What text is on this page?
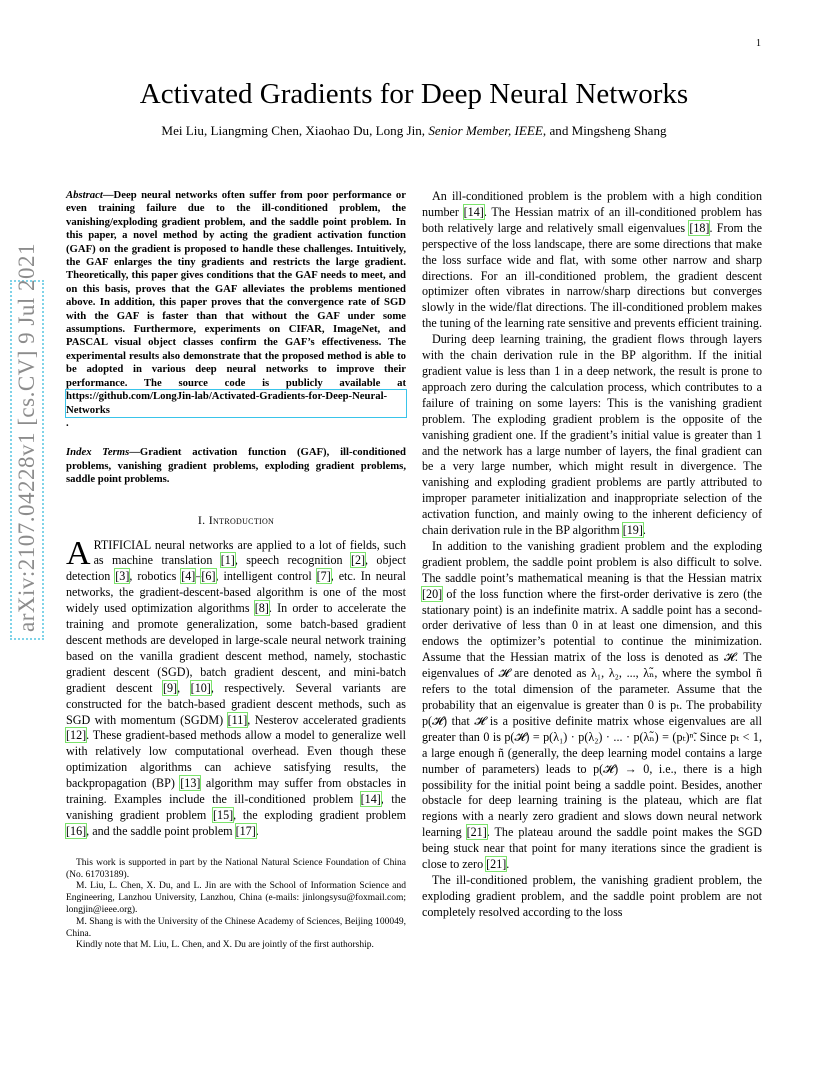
1
arXiv:2107.04228v1 [cs.CV] 9 Jul 2021
Activated Gradients for Deep Neural Networks

Mei Liu, Liangming Chen, Xiaohao Du, Long Jin, Senior Member, IEEE, and Mingsheng Shang

Abstract—Deep neural networks often suffer from poor performance or even training failure due to the ill-conditioned problem, the vanishing/exploding gradient problem, and the saddle point problem. In this paper, a novel method by acting the gradient activation function (GAF) on the gradient is proposed to handle these challenges. Intuitively, the GAF enlarges the tiny gradients and restricts the large gradient. Theoretically, this paper gives conditions that the GAF needs to meet, and on this basis, proves that the GAF alleviates the problems mentioned above. In addition, this paper proves that the convergence rate of SGD with the GAF is faster than that without the GAF under some assumptions. Furthermore, experiments on CIFAR, ImageNet, and PASCAL visual object classes confirm the GAF’s effectiveness. The experimental results also demonstrate that the proposed method is able to be adopted in various deep neural networks to improve their performance. The source code is publicly available at https://github.com/LongJin-lab/Activated-Gradients-for-Deep-Neural-Networks.

Index Terms—Gradient activation function (GAF), ill-conditioned problems, vanishing gradient problems, exploding gradient problems, saddle point problems.

I. Introduction

ARTIFICIAL neural networks are applied to a lot of fields, such as machine translation [1], speech recognition [2], object detection [3], robotics [4]–[6], intelligent control [7], etc. In neural networks, the gradient-descent-based algorithm is one of the most widely used optimization algorithms [8]. In order to accelerate the training and promote generalization, some batch-based gradient descent methods are developed in large-scale neural network training based on the vanilla gradient descent method, namely, stochastic gradient descent (SGD), batch gradient descent, and mini-batch gradient descent [9], [10], respectively. Several variants are constructed for the batch-based gradient descent methods, such as SGD with momentum (SGDM) [11], Nesterov accelerated gradients [12]. These gradient-based methods allow a model to generalize well with relatively low computational overhead. Even though these optimization algorithms can achieve satisfying results, the backpropagation (BP) [13] algorithm may suffer from obstacles in training. Examples include the ill-conditioned problem [14], the vanishing gradient problem [15], the exploding gradient problem [16], and the saddle point problem [17].

This work is supported in part by the National Natural Science Foundation of China (No. 61703189).

M. Liu, L. Chen, X. Du, and L. Jin are with the School of Information Science and Engineering, Lanzhou University, Lanzhou, China (e-mails: jinlongsysu@foxmail.com; longjin@ieee.org).

M. Shang is with the University of the Chinese Academy of Sciences, Beijing 100049, China.

Kindly note that M. Liu, L. Chen, and X. Du are jointly of the first authorship.

An ill-conditioned problem is the problem with a high condition number [14]. The Hessian matrix of an ill-conditioned problem has both relatively large and relatively small eigenvalues [18]. From the perspective of the loss landscape, there are some directions that make the loss surface wide and flat, with some other narrow and sharp directions. For an ill-conditioned problem, the gradient descent optimizer often vibrates in narrow/sharp directions but converges slowly in the wide/flat directions. The ill-conditioned problem makes the tuning of the learning rate sensitive and prevents efficient training.

During deep learning training, the gradient flows through layers with the chain derivation rule in the BP algorithm. If the initial gradient value is less than 1 in a deep network, the result is prone to approach zero during the calculation process, which contributes to a failure of training on some layers: This is the vanishing gradient problem. The exploding gradient problem is the opposite of the vanishing gradient one. If the gradient’s initial value is greater than 1 and the network has a large number of layers, the final gradient can be a very large number, which might result in divergence. The vanishing and exploding gradient problems are partly attributed to improper parameter initialization and inappropriate selection of the activation function, and mainly owing to the inherent deficiency of chain derivation rule in the BP algorithm [19].

In addition to the vanishing gradient problem and the exploding gradient problem, the saddle point problem is also difficult to solve. The saddle point’s mathematical meaning is that the Hessian matrix [20] of the loss function where the first-order derivative is zero (the stationary point) is an indefinite matrix. A saddle point has a second-order derivative of less than 0 in at least one dimension, and this endows the optimizer’s potential to continue the minimization. Assume that the Hessian matrix of the loss is denoted as 𝓗. The eigenvalues of 𝓗 are denoted as λ₁, λ₂, ..., λₙ̃, where the symbol ñ refers to the total dimension of the parameter. Assume that the probability that an eigenvalue is greater than 0 is pₜ. The probability p(𝓗) that 𝓗 is a positive definite matrix whose eigenvalues are all greater than 0 is p(𝓗) = p(λ₁) · p(λ₂) · ... · p(λₙ̃) = (pₜ)ⁿ̃. Since pₜ < 1, a large enough ñ (generally, the deep learning model contains a large number of parameters) leads to p(𝓗) → 0, i.e., there is a high possibility for the initial point being a saddle point. Besides, another obstacle for deep learning training is the plateau, which are flat regions with a nearly zero gradient and slows down neural network learning [21]. The plateau around the saddle point makes the SGD being stuck near that point for many iterations since the gradient is close to zero [21].

The ill-conditioned problem, the vanishing gradient problem, the exploding gradient problem, and the saddle point problem are not completely resolved according to the loss
